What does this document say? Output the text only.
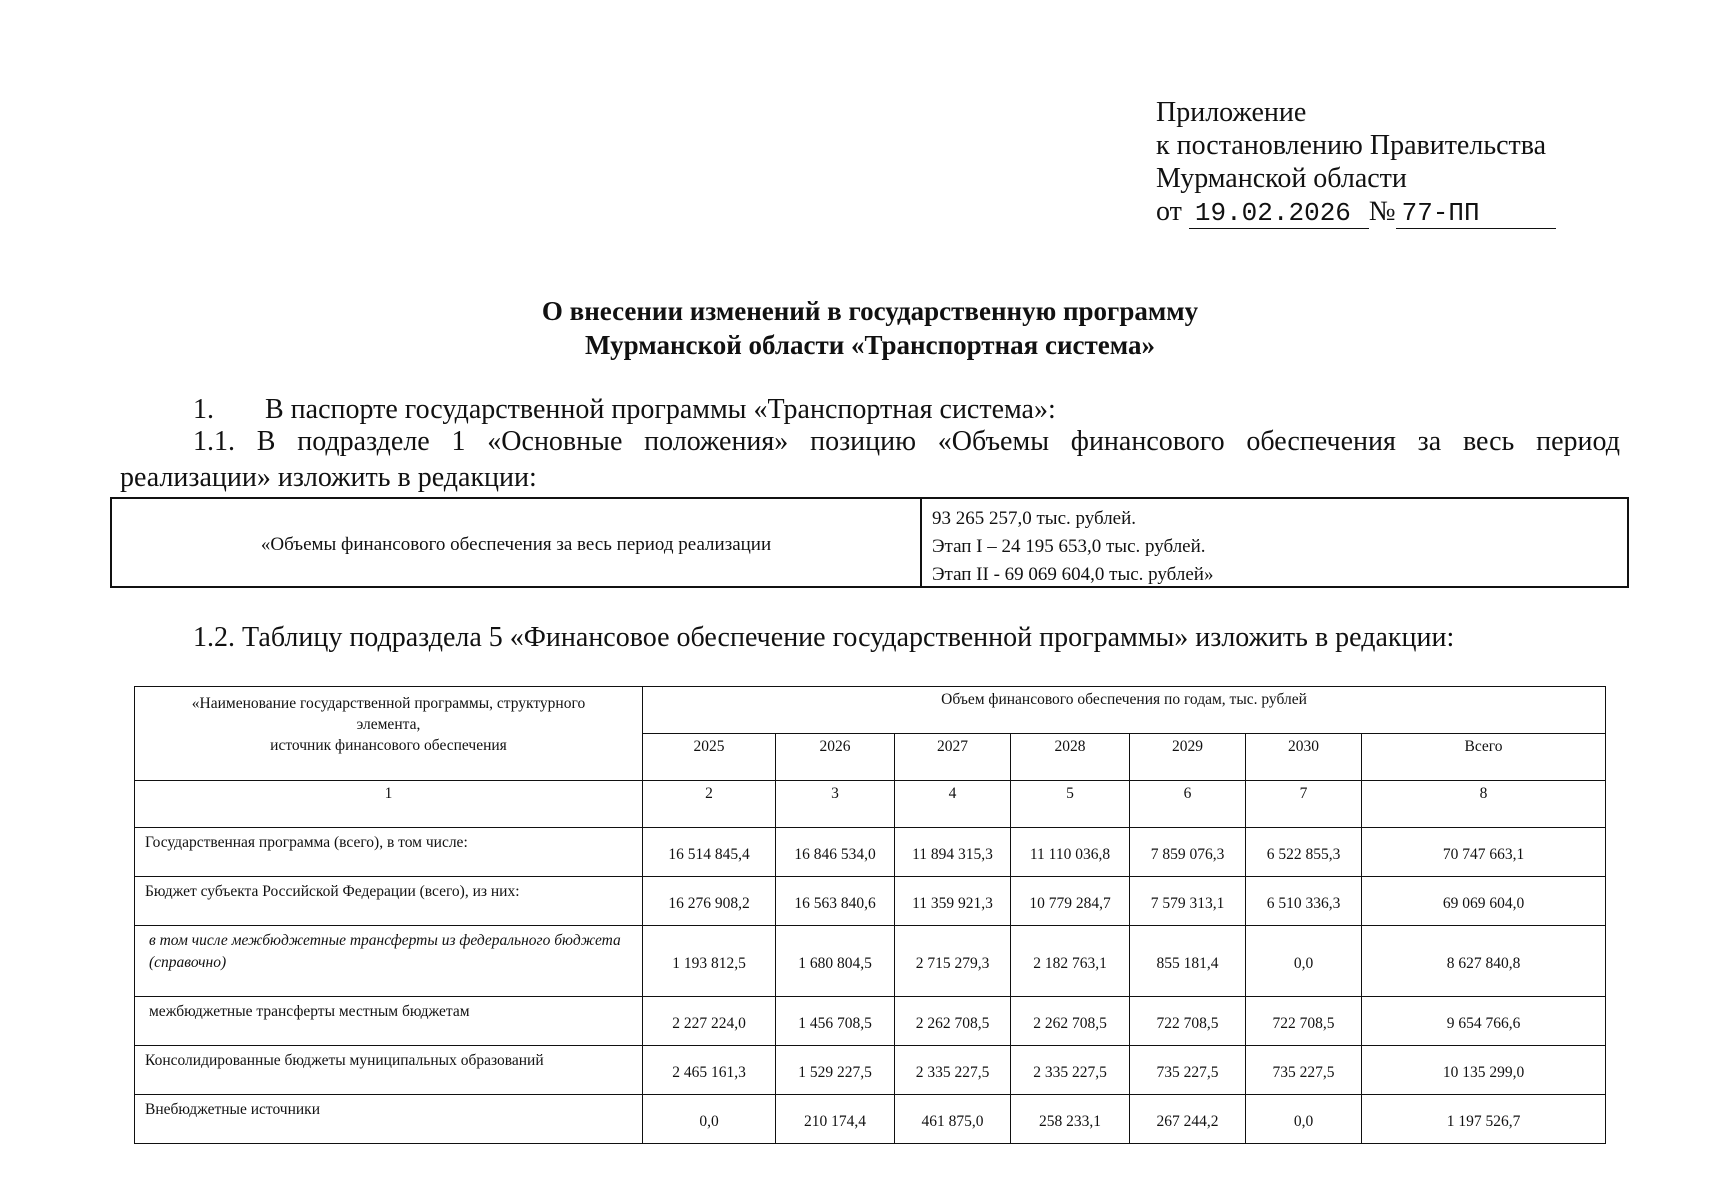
Приложение
к постановлению Правительства
Мурманской области
от 19.02.2026 № 77-ПП
О внесении изменений в государственную программу
Мурманской области «Транспортная система»
1. В паспорте государственной программы «Транспортная система»:
1.1. В подразделе 1 «Основные положения» позицию «Объемы финансового обеспечения за весь период
реализации» изложить в редакции:
«Объемы финансового обеспечения за весь период реализации
93 265 257,0 тыс. рублей.
Этап I – 24 195 653,0 тыс. рублей.
Этап II - 69 069 604,0 тыс. рублей»
1.2. Таблицу подраздела 5 «Финансовое обеспечение государственной программы» изложить в редакции:
«Наименование государственной программы, структурного элемента,
источник финансового обеспечения	Объем финансового обеспечения по годам, тыс. рублей						
	2025	2026	2027	2028	2029	2030	Всего
1	2	3	4	5	6	7	8
Государственная программа (всего), в том числе:	16 514 845,4	16 846 534,0	11 894 315,3	11 110 036,8	7 859 076,3	6 522 855,3	70 747 663,1
Бюджет субъекта Российской Федерации (всего), из них:	16 276 908,2	16 563 840,6	11 359 921,3	10 779 284,7	7 579 313,1	6 510 336,3	69 069 604,0
в том числе межбюджетные трансферты из федерального бюджета (справочно)	1 193 812,5	1 680 804,5	2 715 279,3	2 182 763,1	855 181,4	0,0	8 627 840,8
межбюджетные трансферты местным бюджетам	2 227 224,0	1 456 708,5	2 262 708,5	2 262 708,5	722 708,5	722 708,5	9 654 766,6
Консолидированные бюджеты муниципальных образований	2 465 161,3	1 529 227,5	2 335 227,5	2 335 227,5	735 227,5	735 227,5	10 135 299,0
Внебюджетные источники	0,0	210 174,4	461 875,0	258 233,1	267 244,2	0,0	1 197 526,7
